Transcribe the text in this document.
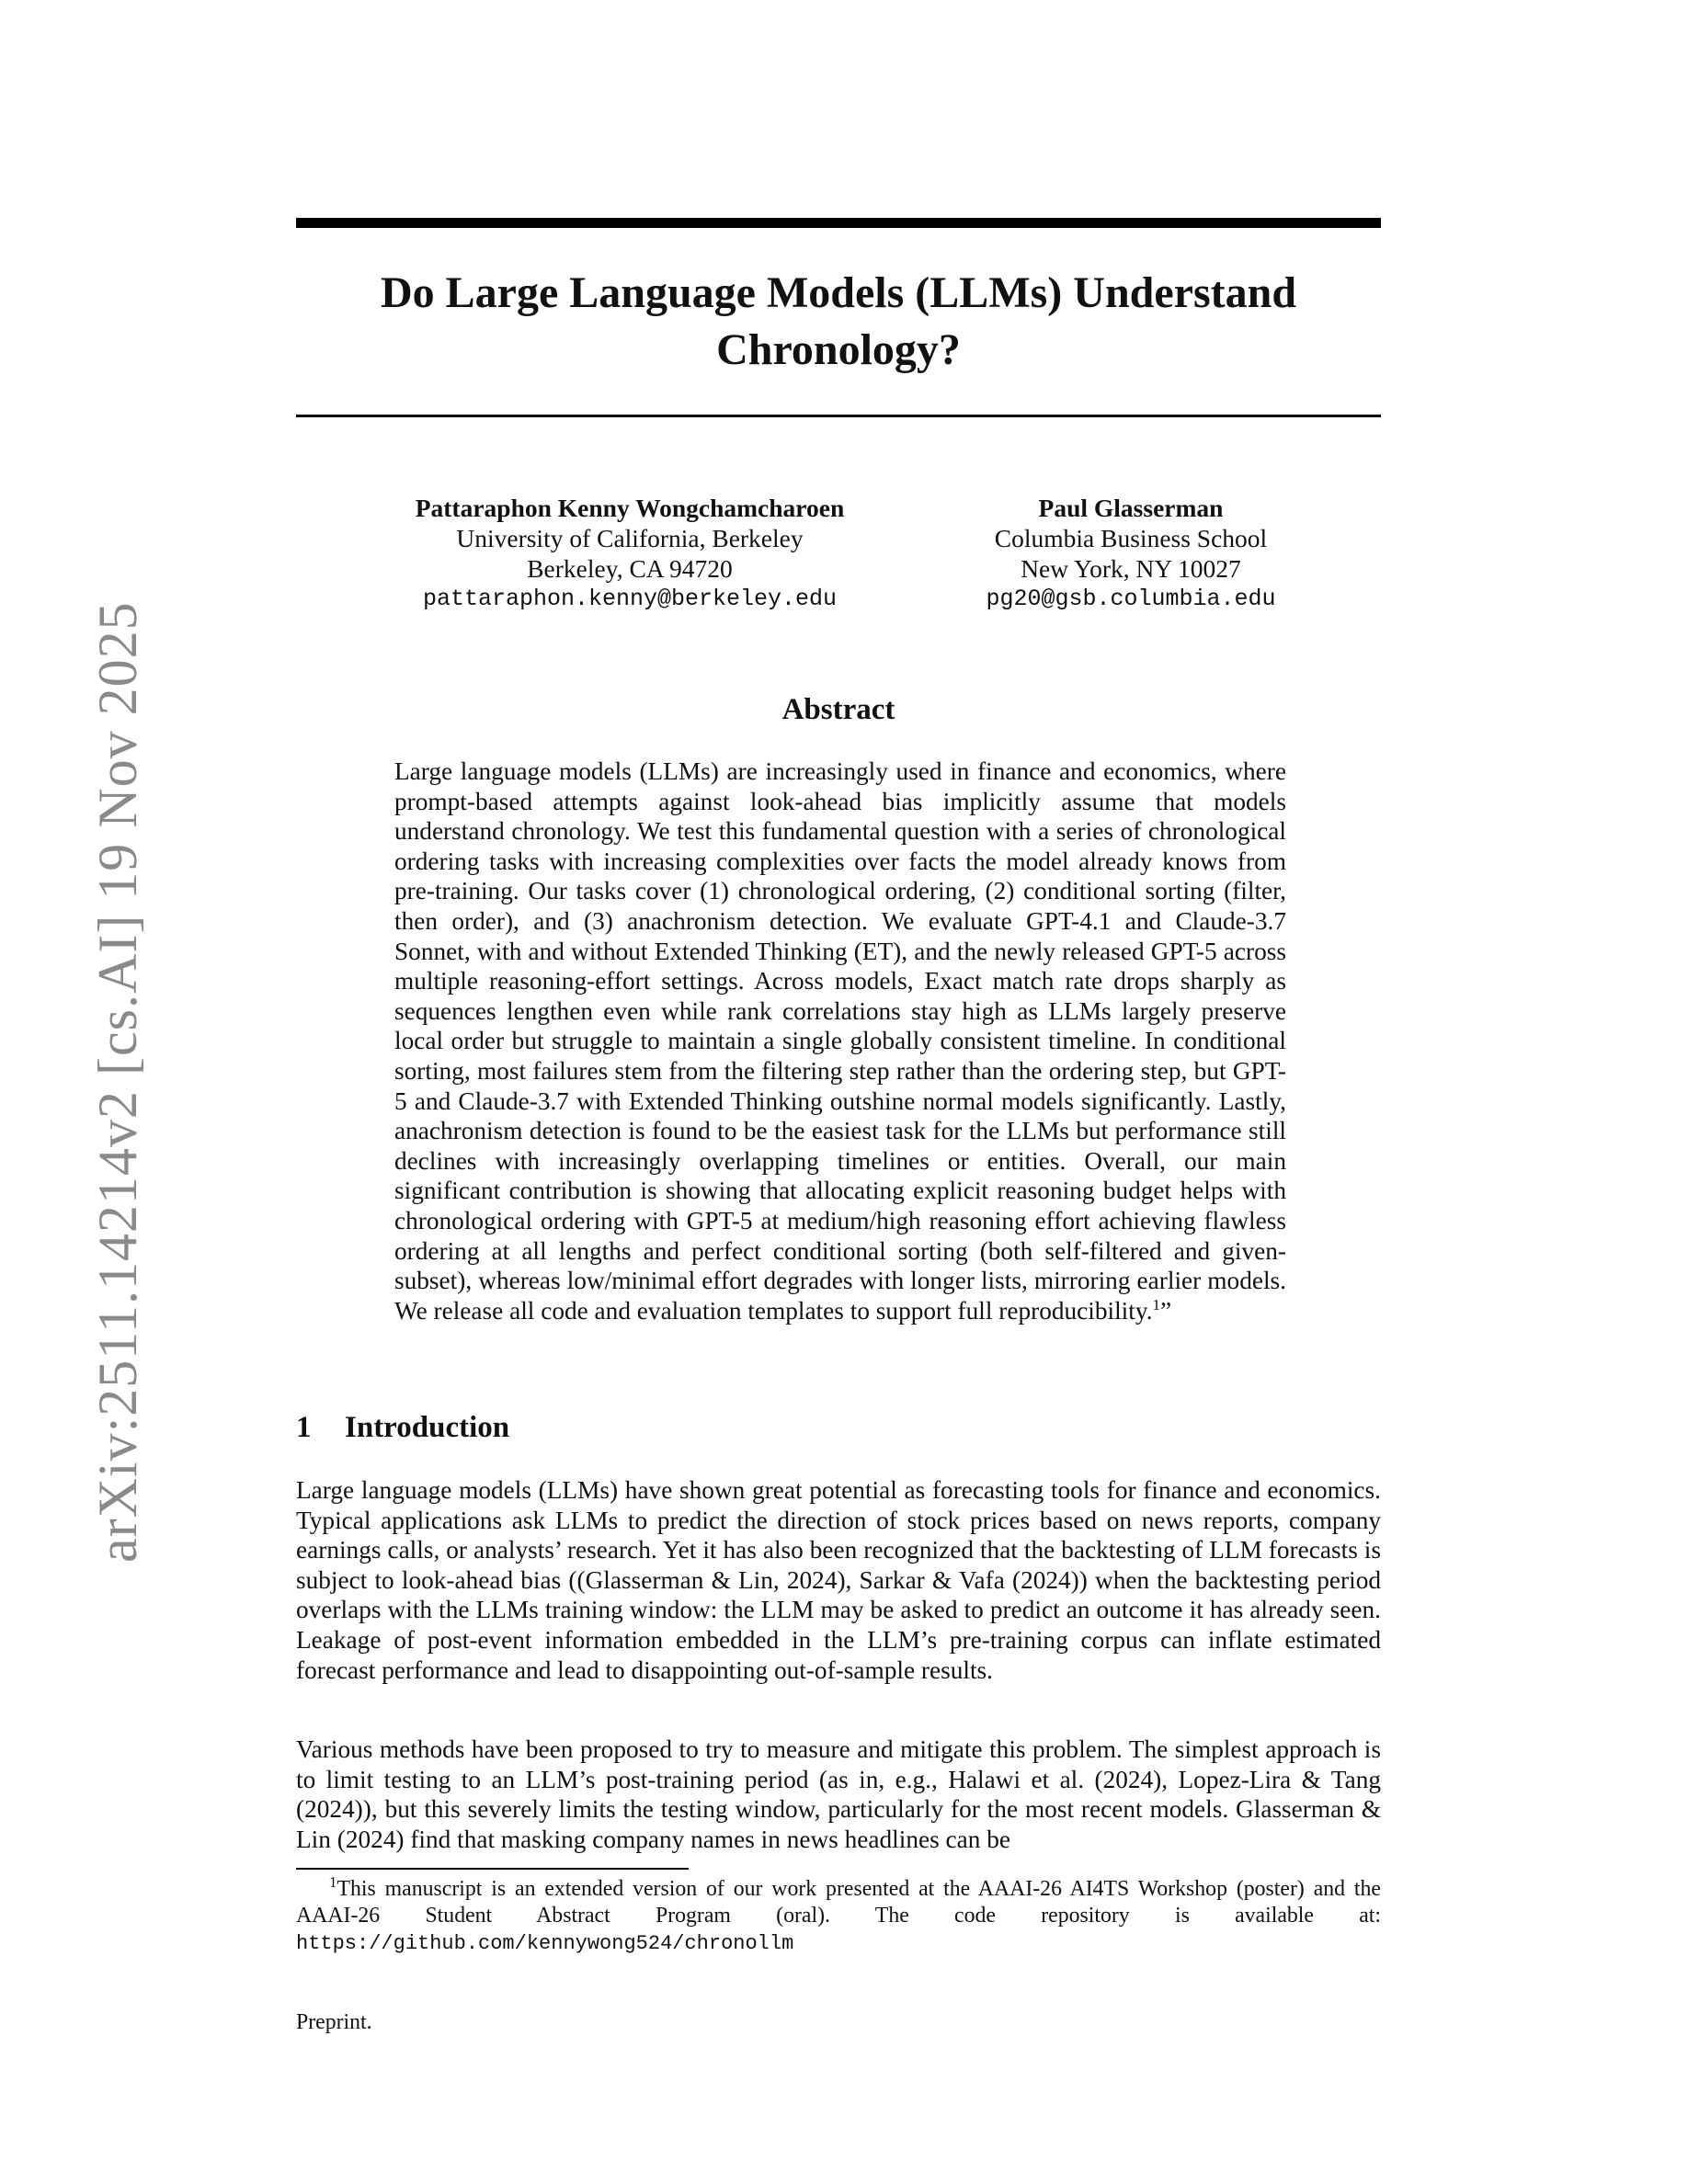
arXiv:2511.14214v2 [cs.AI] 19 Nov 2025
Do Large Language Models (LLMs) Understand
Chronology?
Pattaraphon Kenny Wongchamcharoen
University of California, Berkeley
Berkeley, CA 94720
pattaraphon.kenny@berkeley.edu
Paul Glasserman
Columbia Business School
New York, NY 10027
pg20@gsb.columbia.edu
Abstract
Large language models (LLMs) are increasingly used in finance and economics, where prompt-based attempts against look-ahead bias implicitly assume that models understand chronology. We test this fundamental question with a series of chronological ordering tasks with increasing complexities over facts the model already knows from pre-training. Our tasks cover (1) chronological ordering, (2) conditional sorting (filter, then order), and (3) anachronism detection. We evaluate GPT-4.1 and Claude-3.7 Sonnet, with and without Extended Thinking (ET), and the newly released GPT-5 across multiple reasoning-effort settings. Across models, Exact match rate drops sharply as sequences lengthen even while rank correlations stay high as LLMs largely preserve local order but struggle to maintain a single globally consistent timeline. In conditional sorting, most failures stem from the filtering step rather than the ordering step, but GPT-5 and Claude-3.7 with Extended Thinking outshine normal models significantly. Lastly, anachronism detection is found to be the easiest task for the LLMs but performance still declines with increasingly overlapping timelines or entities. Overall, our main significant contribution is showing that allocating explicit reasoning budget helps with chronological ordering with GPT-5 at medium/high reasoning effort achieving flawless ordering at all lengths and perfect conditional sorting (both self-filtered and given-subset), whereas low/minimal effort degrades with longer lists, mirroring earlier models. We release all code and evaluation templates to support full reproducibility.$^1$”
1 Introduction
Large language models (LLMs) have shown great potential as forecasting tools for finance and economics. Typical applications ask LLMs to predict the direction of stock prices based on news reports, company earnings calls, or analysts’ research. Yet it has also been recognized that the backtesting of LLM forecasts is subject to look-ahead bias ((Glasserman & Lin, 2024), Sarkar & Vafa (2024)) when the backtesting period overlaps with the LLMs training window: the LLM may be asked to predict an outcome it has already seen. Leakage of post-event information embedded in the LLM’s pre-training corpus can inflate estimated forecast performance and lead to disappointing out-of-sample results.
Various methods have been proposed to try to measure and mitigate this problem. The simplest approach is to limit testing to an LLM’s post-training period (as in, e.g., Halawi et al. (2024), Lopez-Lira & Tang (2024)), but this severely limits the testing window, particularly for the most recent models. Glasserman & Lin (2024) find that masking company names in news headlines can be
$^1$This manuscript is an extended version of our work presented at the AAAI-26 AI4TS Workshop (poster) and the AAAI-26 Student Abstract Program (oral). The code repository is available at: https://github.com/kennywong524/chronollm
Preprint.
